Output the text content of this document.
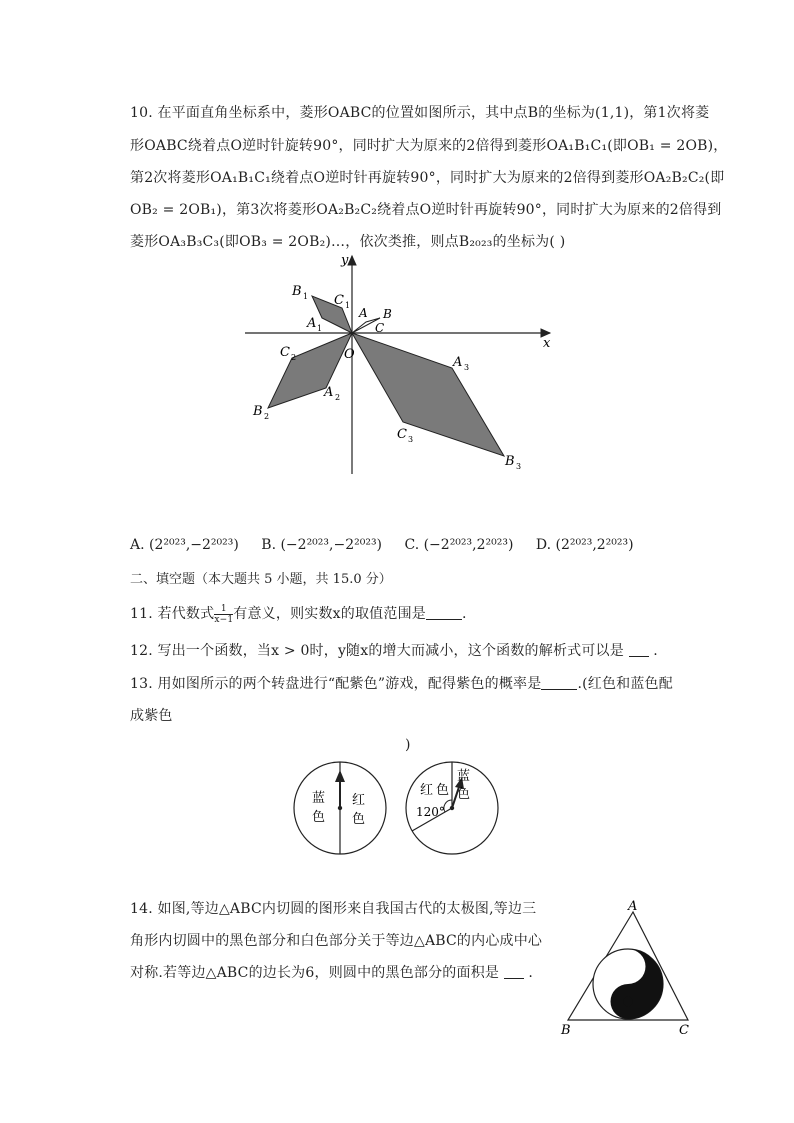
10. 在平面直角坐标系中，菱形OABC的位置如图所示，其中点B的坐标为(1,1)，第1次将菱
形OABC绕着点O逆时针旋转90°，同时扩大为原来的2倍得到菱形OA₁B₁C₁(即OB₁ = 2OB)，
第2次将菱形OA₁B₁C₁绕着点O逆时针再旋转90°，同时扩大为原来的2倍得到菱形OA₂B₂C₂(即
OB₂ = 2OB₁)，第3次将菱形OA₂B₂C₂绕着点O逆时针再旋转90°，同时扩大为原来的2倍得到
菱形OA₃B₃C₃(即OB₃ = 2OB₂)…，依次类推，则点B₂₀₂₃的坐标为( )
x
y
O
B 1 C 1
A 1
A B
C
C 2
A 2
B 2
A 3
C 3
B 3
A. (2²⁰²³,−2²⁰²³) B. (−2²⁰²³,−2²⁰²³) C. (−2²⁰²³,2²⁰²³) D. (2²⁰²³,2²⁰²³)
二、填空题（本大题共 5 小题，共 15.0 分）
11. 若代数式 $\frac{1}{x-1}$ 有意义，则实数x的取值范围是	.
12. 写出一个函数，当x > 0时，y随x的增大而减小，这个函数的解析式可以是 .
13. 用如图所示的两个转盘进行“配紫色”游戏，配得紫色的概率是	.(红色和蓝色配
成紫色
)
蓝
色
红
色
红 色
蓝
色
120°
14. 如图,等边△ABC内切圆的图形来自我国古代的太极图,等边三
角形内切圆中的黑色部分和白色部分关于等边△ABC的内心成中心
对称.若等边△ABC的边长为6，则圆中的黑色部分的面积是 .
A
B	C
